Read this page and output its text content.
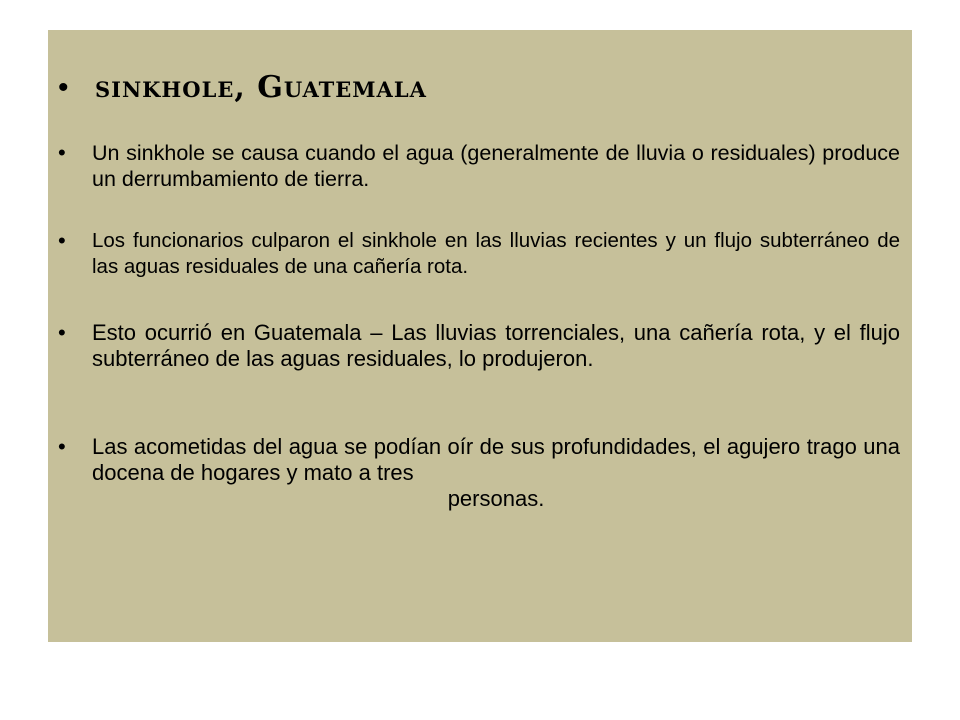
• sinkhole, Guatemala
•	Un sinkhole se causa cuando el agua (generalmente de lluvia o residuales) produce un derrumbamiento de tierra.
•	Los funcionarios culparon el sinkhole en las lluvias recientes y un flujo subterráneo de las aguas residuales de una cañería rota.
•	Esto ocurrió en Guatemala – Las lluvias torrenciales, una cañería rota, y el flujo subterráneo de las aguas residuales, lo produjeron.
•	Las acometidas del agua se podían oír de sus profundidades, el agujero trago una docena de hogares y mato a tres
personas.
